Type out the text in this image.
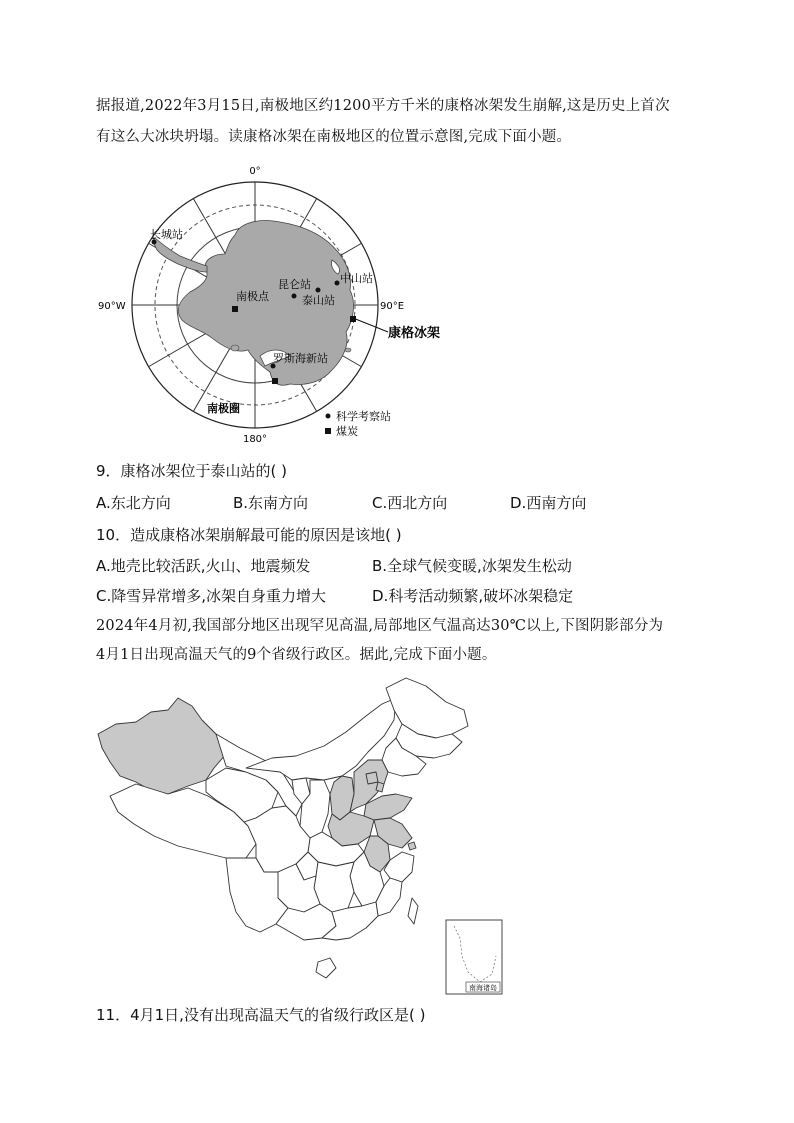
据报道,2022年3月15日,南极地区约1200平方千米的康格冰架发生崩解,这是历史上首次
有这么大冰块坍塌。读康格冰架在南极地区的位置示意图,完成下面小题。
0°
180°
90°W	90°E
长城站
中山站
昆仑站
泰山站
南极点
罗斯海新站
康格冰架
南极圈
科学考察站
煤炭
9．康格冰架位于泰山站的( )
A.东北方向	B.东南方向	C.西北方向	D.西南方向
10．造成康格冰架崩解最可能的原因是该地( )
A.地壳比较活跃,火山、地震频发	B.全球气候变暖,冰架发生松动
C.降雪异常增多,冰架自身重力增大	D.科考活动频繁,破坏冰架稳定
2024年4月初,我国部分地区出现罕见高温,局部地区气温高达30℃以上,下图阴影部分为
4月1日出现高温天气的9个省级行政区。据此,完成下面小题。
南海诸岛
11．4月1日,没有出现高温天气的省级行政区是( )
